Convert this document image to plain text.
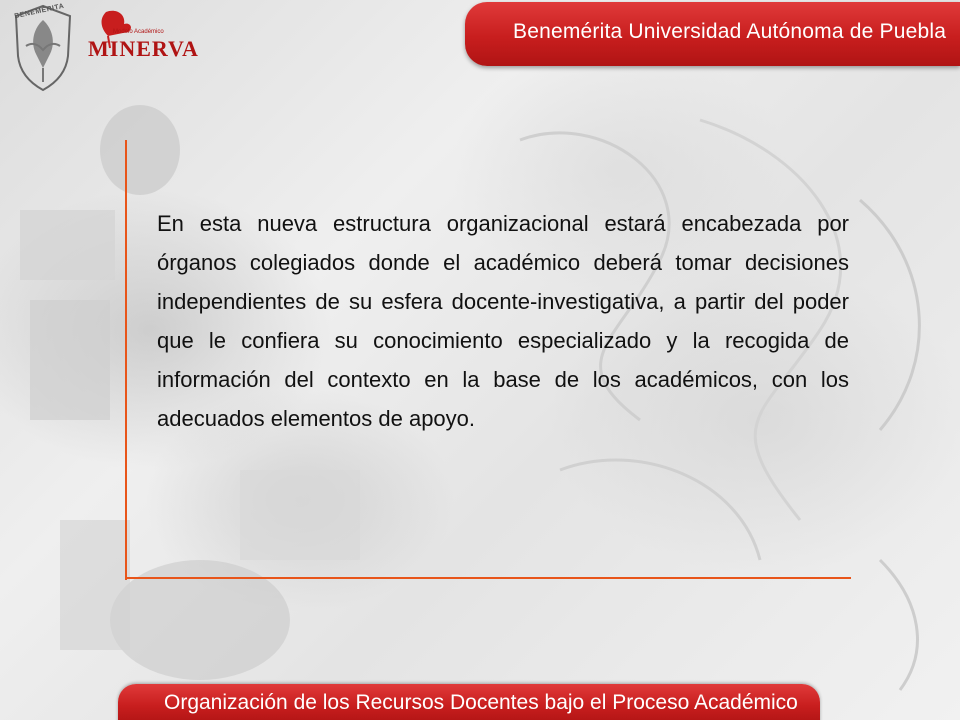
BENEMÉRITA
Modelo Académico
MINERVA
Benemérita Universidad Autónoma de Puebla

En esta nueva estructura organizacional estará encabezada por órganos colegiados donde el académico deberá tomar decisiones independientes de su esfera docente-investigativa, a partir del poder que le confiera su conocimiento especializado y la recogida de información del contexto en la base de los académicos, con los adecuados elementos de apoyo.

Organización de los Recursos Docentes bajo el Proceso Académico
